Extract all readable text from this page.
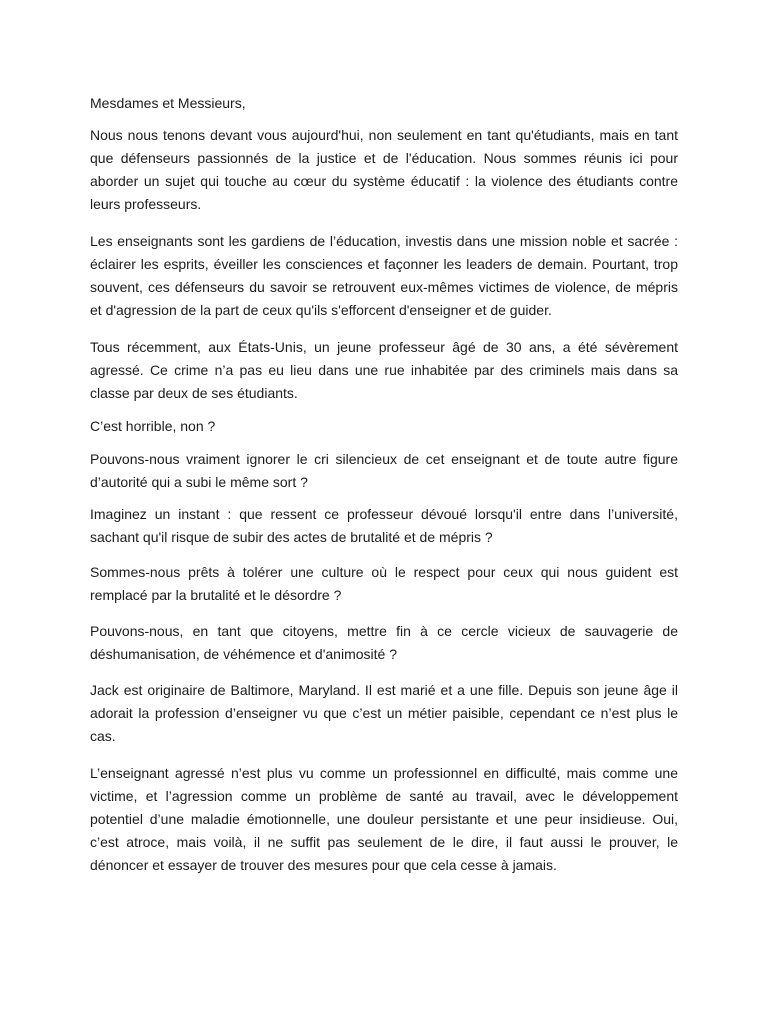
Mesdames et Messieurs,

Nous nous tenons devant vous aujourd'hui, non seulement en tant qu'étudiants, mais en tant que défenseurs passionnés de la justice et de l'éducation. Nous sommes réunis ici pour aborder un sujet qui touche au cœur du système éducatif : la violence des étudiants contre leurs professeurs.

Les enseignants sont les gardiens de l’éducation, investis dans une mission noble et sacrée : éclairer les esprits, éveiller les consciences et façonner les leaders de demain. Pourtant, trop souvent, ces défenseurs du savoir se retrouvent eux-mêmes victimes de violence, de mépris et d'agression de la part de ceux qu'ils s'efforcent d'enseigner et de guider.

Tous récemment, aux États-Unis, un jeune professeur âgé de 30 ans, a été sévèrement agressé. Ce crime n’a pas eu lieu dans une rue inhabitée par des criminels mais dans sa classe par deux de ses étudiants.

C’est horrible, non ?

Pouvons-nous vraiment ignorer le cri silencieux de cet enseignant et de toute autre figure d’autorité qui a subi le même sort ?

Imaginez un instant : que ressent ce professeur dévoué lorsqu'il entre dans l’université, sachant qu'il risque de subir des actes de brutalité et de mépris ?

Sommes-nous prêts à tolérer une culture où le respect pour ceux qui nous guident est remplacé par la brutalité et le désordre ?

Pouvons-nous, en tant que citoyens, mettre fin à ce cercle vicieux de sauvagerie de déshumanisation, de véhémence et d'animosité ?

Jack est originaire de Baltimore, Maryland. Il est marié et a une fille. Depuis son jeune âge il adorait la profession d’enseigner vu que c’est un métier paisible, cependant ce n’est plus le cas.

L’enseignant agressé n’est plus vu comme un professionnel en difficulté, mais comme une victime, et l’agression comme un problème de santé au travail, avec le développement potentiel d’une maladie émotionnelle, une douleur persistante et une peur insidieuse. Oui, c’est atroce, mais voilà, il ne suffit pas seulement de le dire, il faut aussi le prouver, le dénoncer et essayer de trouver des mesures pour que cela cesse à jamais.
